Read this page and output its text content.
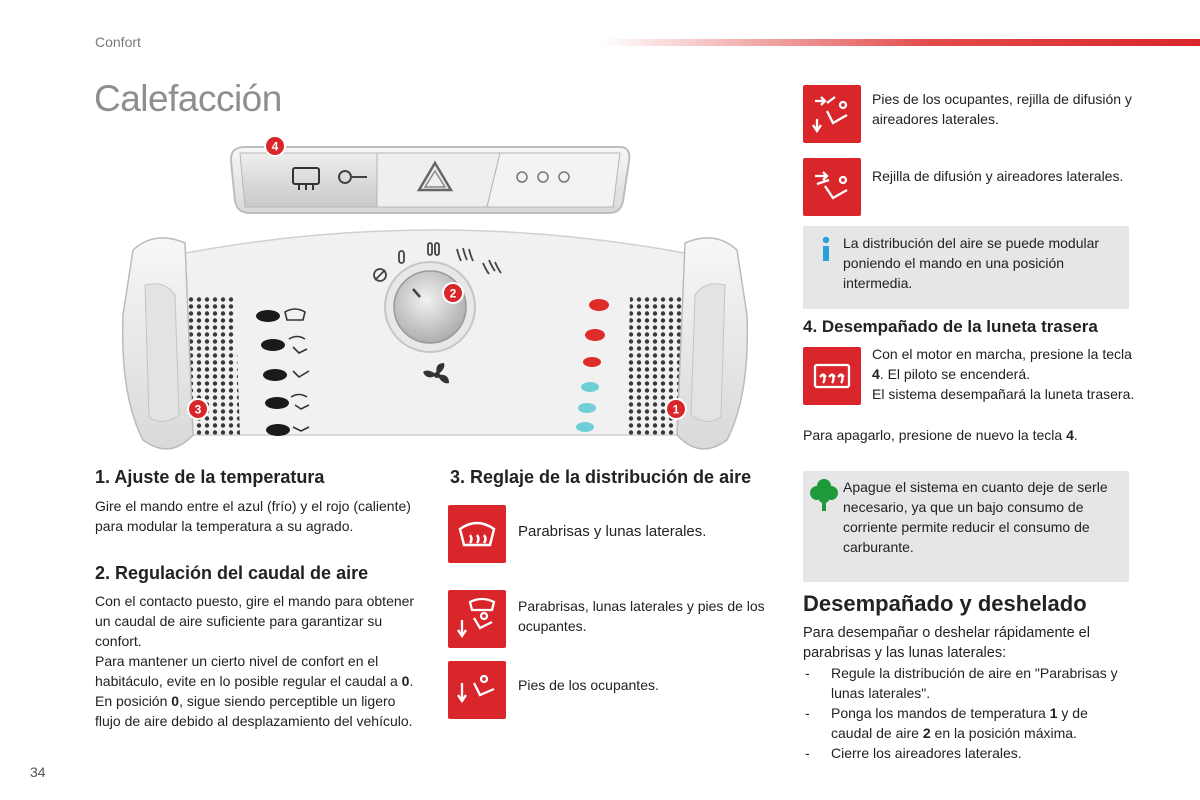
Confort
Calefacción
4
2
3	1
1. Ajuste de la temperatura
Gire el mando entre el azul (frío) y el rojo (caliente) para modular la temperatura a su agrado.
2. Regulación del caudal de aire
Con el contacto puesto, gire el mando para obtener un caudal de aire suficiente para garantizar su confort.
Para mantener un cierto nivel de confort en el habitáculo, evite en lo posible regular el caudal a 0.
En posición 0, sigue siendo perceptible un ligero flujo de aire debido al desplazamiento del vehículo.
3. Reglaje de la distribución de aire
Parabrisas y lunas laterales.
Parabrisas, lunas laterales y pies de los ocupantes.
Pies de los ocupantes.
Pies de los ocupantes, rejilla de difusión y aireadores laterales.
Rejilla de difusión y aireadores laterales.
La distribución del aire se puede modular poniendo el mando en una posición intermedia.
4. Desempañado de la luneta trasera
Con el motor en marcha, presione la tecla 4. El piloto se encenderá.
El sistema desempañará la luneta trasera.
Para apagarlo, presione de nuevo la tecla 4.
Apague el sistema en cuanto deje de serle necesario, ya que un bajo consumo de corriente permite reducir el consumo de carburante.
Desempañado y deshelado
Para desempañar o deshelar rápidamente el parabrisas y las lunas laterales:
- Regule la distribución de aire en "Parabrisas y lunas laterales".
- Ponga los mandos de temperatura 1 y de caudal de aire 2 en la posición máxima.
- Cierre los aireadores laterales.
34
